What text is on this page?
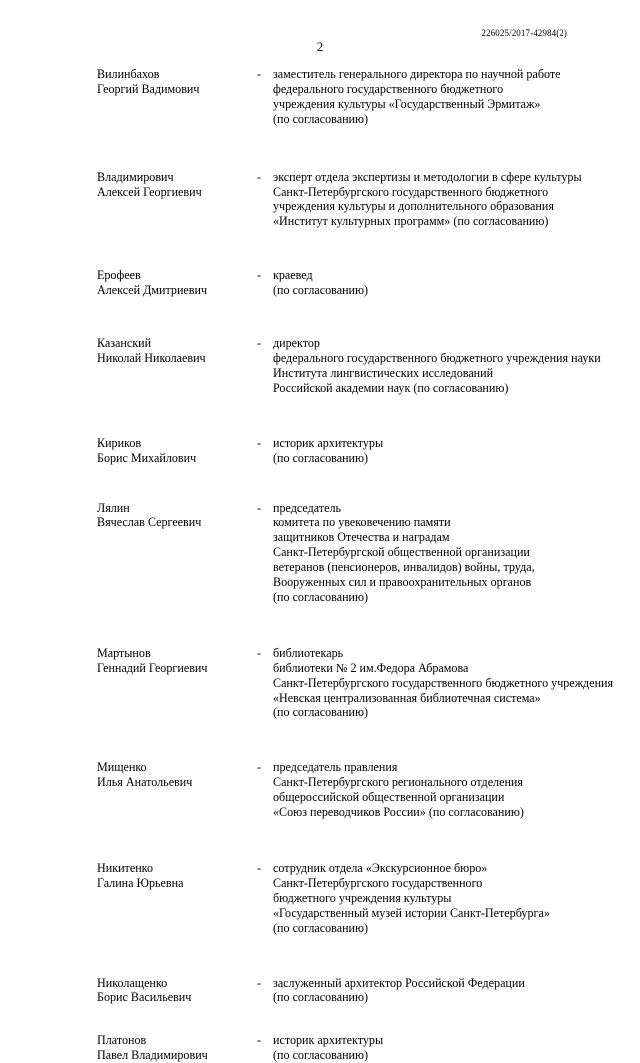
226025/2017-42984(2)
2
Вилинбахов
Георгий Вадимович
- заместитель генерального директора по научной работе
федерального государственного бюджетного
учреждения культуры «Государственный Эрмитаж»
(по согласованию)
Владимирович
Алексей Георгиевич
- эксперт отдела экспертизы и методологии в сфере культуры
Санкт-Петербургского государственного бюджетного
учреждения культуры и дополнительного образования
«Институт культурных программ» (по согласованию)
Ерофеев
Алексей Дмитриевич
- краевед
(по согласованию)
Казанский
Николай Николаевич
- директор
федерального государственного бюджетного учреждения науки
Института лингвистических исследований
Российской академии наук (по согласованию)
Кириков
Борис Михайлович
- историк архитектуры
(по согласованию)
Лялин
Вячеслав Сергеевич
- председатель
комитета по увековечению памяти
защитников Отечества и наградам
Санкт-Петербургской общественной организации
ветеранов (пенсионеров, инвалидов) войны, труда,
Вооруженных сил и правоохранительных органов
(по согласованию)
Мартынов
Геннадий Георгиевич
- библиотекарь
библиотеки № 2 им.Федора Абрамова
Санкт-Петербургского государственного бюджетного учреждения
«Невская централизованная библиотечная система»
(по согласованию)
Мищенко
Илья Анатольевич
- председатель правления
Санкт-Петербургского регионального отделения
общероссийской общественной организации
«Союз переводчиков России» (по согласованию)
Никитенко
Галина Юрьевна
- сотрудник отдела «Экскурсионное бюро»
Санкт-Петербургского государственного
бюджетного учреждения культуры
«Государственный музей истории Санкт-Петербурга»
(по согласованию)
Николащенко
Борис Васильевич
- заслуженный архитектор Российской Федерации
(по согласованию)
Платонов
Павел Владимирович
- историк архитектуры
(по согласованию)
